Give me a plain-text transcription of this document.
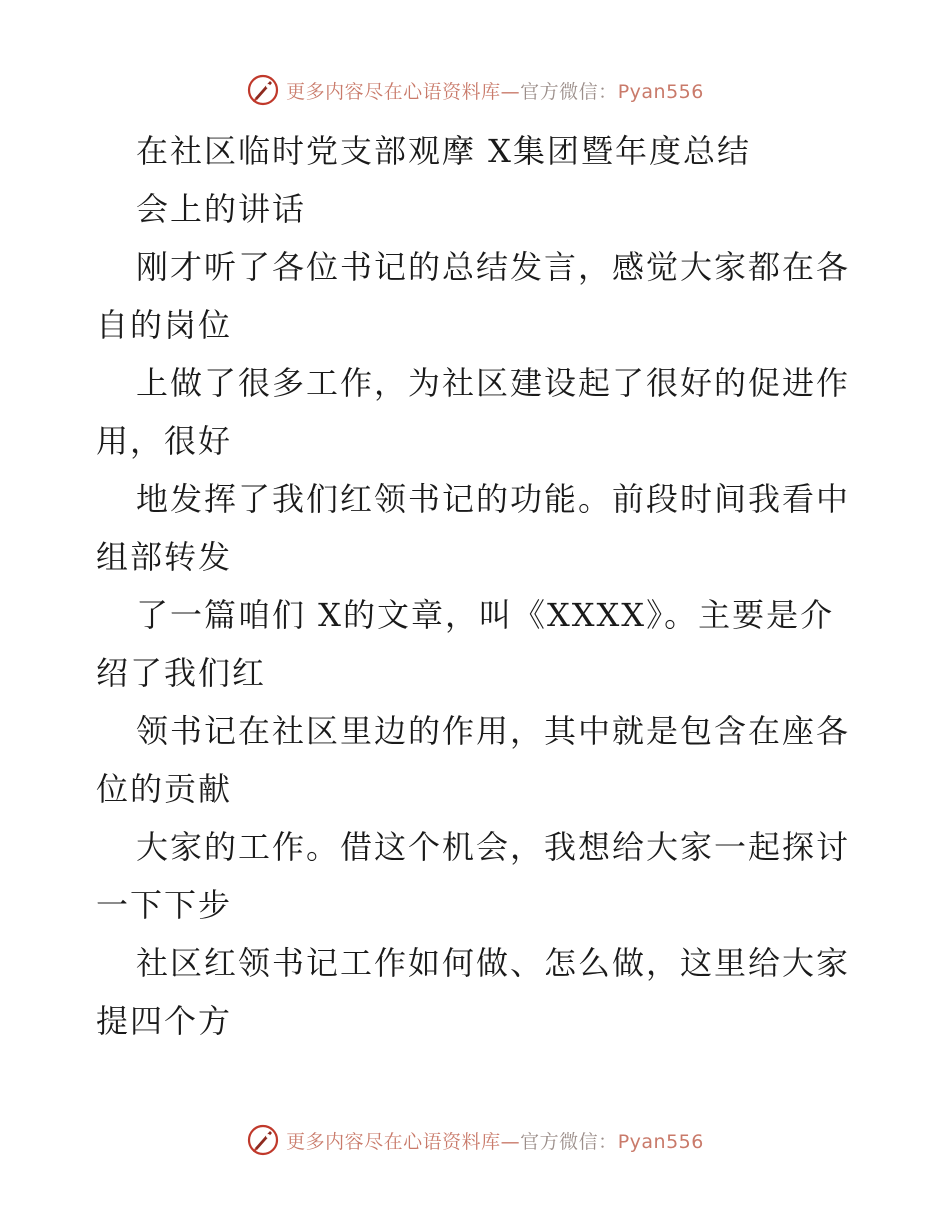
更多内容尽在心语资料库—官方微信：Pyan556
在社区临时党支部观摩 X集团暨年度总结
会上的讲话
刚才听了各位书记的总结发言，感觉大家都在各
自的岗位
上做了很多工作，为社区建设起了很好的促进作
用，很好
地发挥了我们红领书记的功能。前段时间我看中
组部转发
了一篇咱们 X的文章，叫《XXXX》。主要是介
绍了我们红
领书记在社区里边的作用，其中就是包含在座各
位的贡献
大家的工作。借这个机会，我想给大家一起探讨
一下下步
社区红领书记工作如何做、怎么做，这里给大家
提四个方
更多内容尽在心语资料库—官方微信：Pyan556
